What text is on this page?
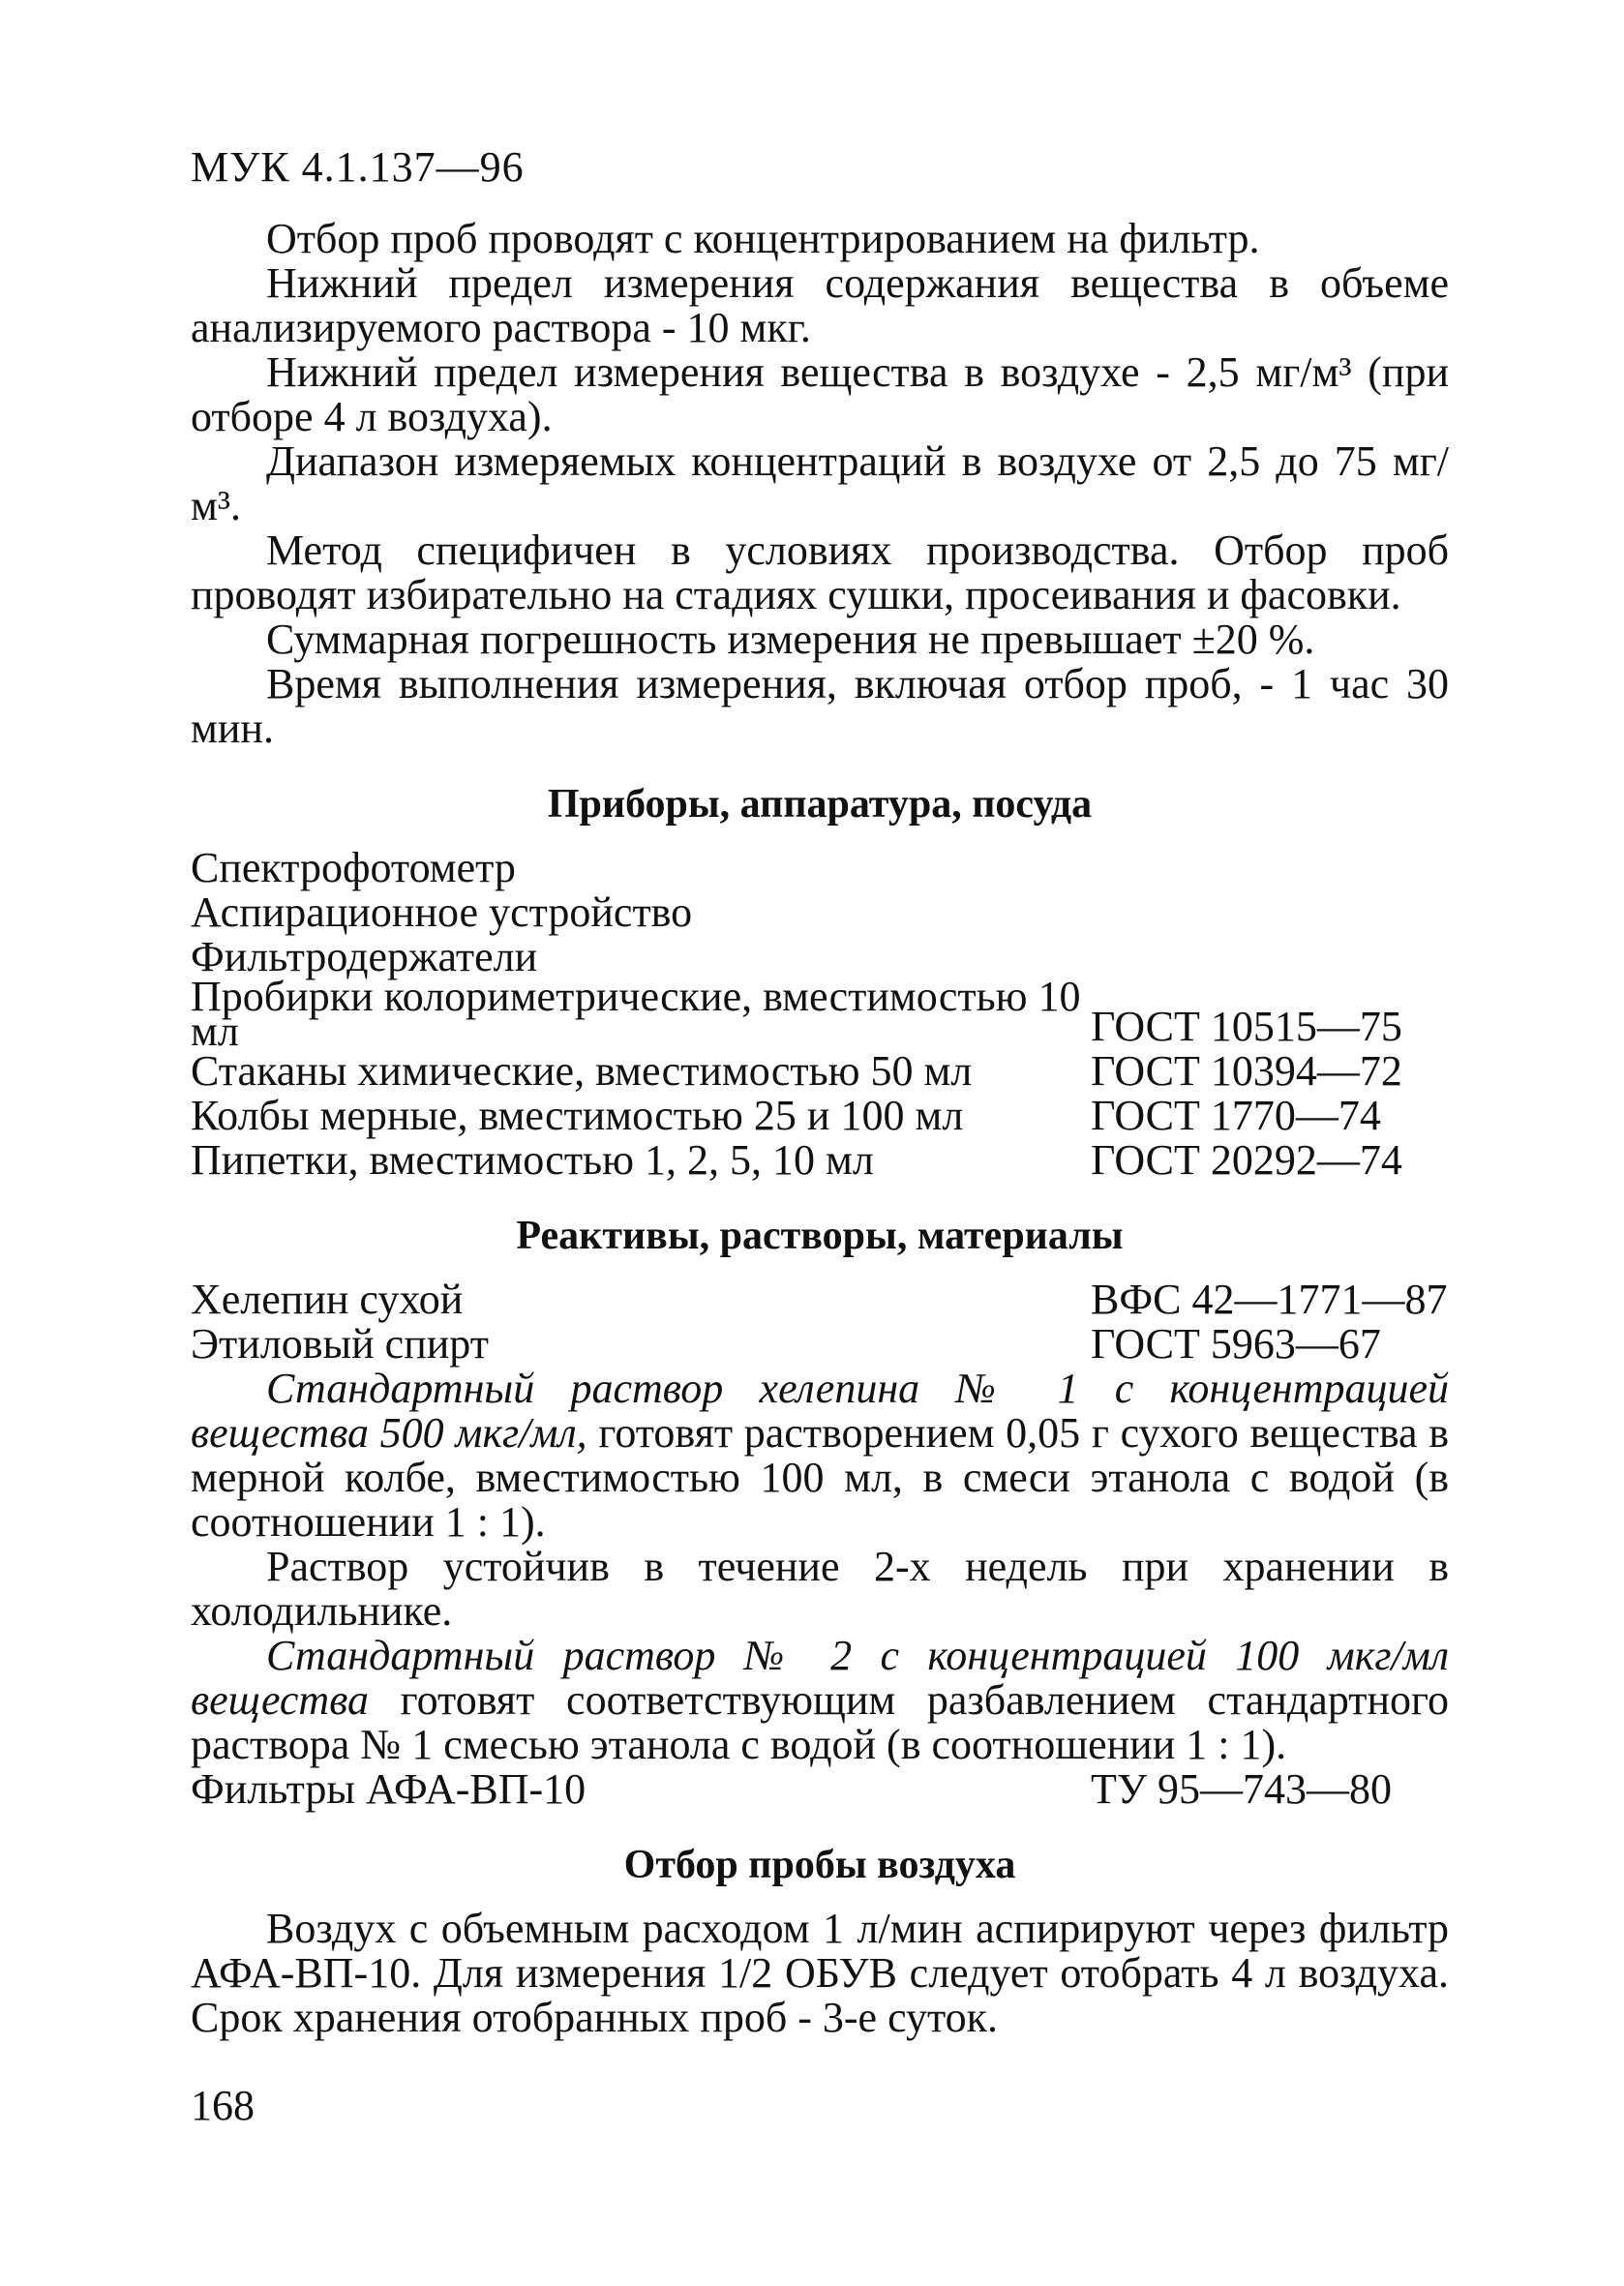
МУК 4.1.137—96

Отбор проб проводят с концентрированием на фильтр.

Нижний предел измерения содержания вещества в объеме анализируемого раствора - 10 мкг.

Нижний предел измерения вещества в воздухе - 2,5 мг/м³ (при отборе 4 л воздуха).

Диапазон измеряемых концентраций в воздухе от 2,5 до 75 мг/м³.

Метод специфичен в условиях производства. Отбор проб проводят избирательно на стадиях сушки, просеивания и фасовки.

Суммарная погрешность измерения не превышает ±20 %.

Время выполнения измерения, включая отбор проб, - 1 час 30 мин.

Приборы, аппаратура, посуда
Спектрофотометр
Аспирационное устройство
Фильтродержатели
Пробирки колориметрические, вместимостью 10 мл	ГОСТ 10515—75
Стаканы химические, вместимостью 50 мл	ГОСТ 10394—72
Колбы мерные, вместимостью 25 и 100 мл	ГОСТ 1770—74
Пипетки, вместимостью 1, 2, 5, 10 мл	ГОСТ 20292—74
Реактивы, растворы, материалы
Хелепин сухой	ВФС 42—1771—87
Этиловый спирт	ГОСТ 5963—67

Стандартный раствор хелепина № 1 с концентрацией вещества 500 мкг/мл, готовят растворением 0,05 г сухого вещества в мерной колбе, вместимостью 100 мл, в смеси этанола с водой (в соотношении 1 : 1).

Раствор устойчив в течение 2-х недель при хранении в холодильнике.

Стандартный раствор № 2 с концентрацией 100 мкг/мл вещества готовят соответствующим разбавлением стандартного раствора № 1 смесью этанола с водой (в соотношении 1 : 1).

Фильтры АФА-ВП-10	ТУ 95—743—80
Отбор пробы воздуха

Воздух с объемным расходом 1 л/мин аспирируют через фильтр АФА-ВП-10. Для измерения 1/2 ОБУВ следует отобрать 4 л воздуха. Срок хранения отобранных проб - 3-е суток.

168
